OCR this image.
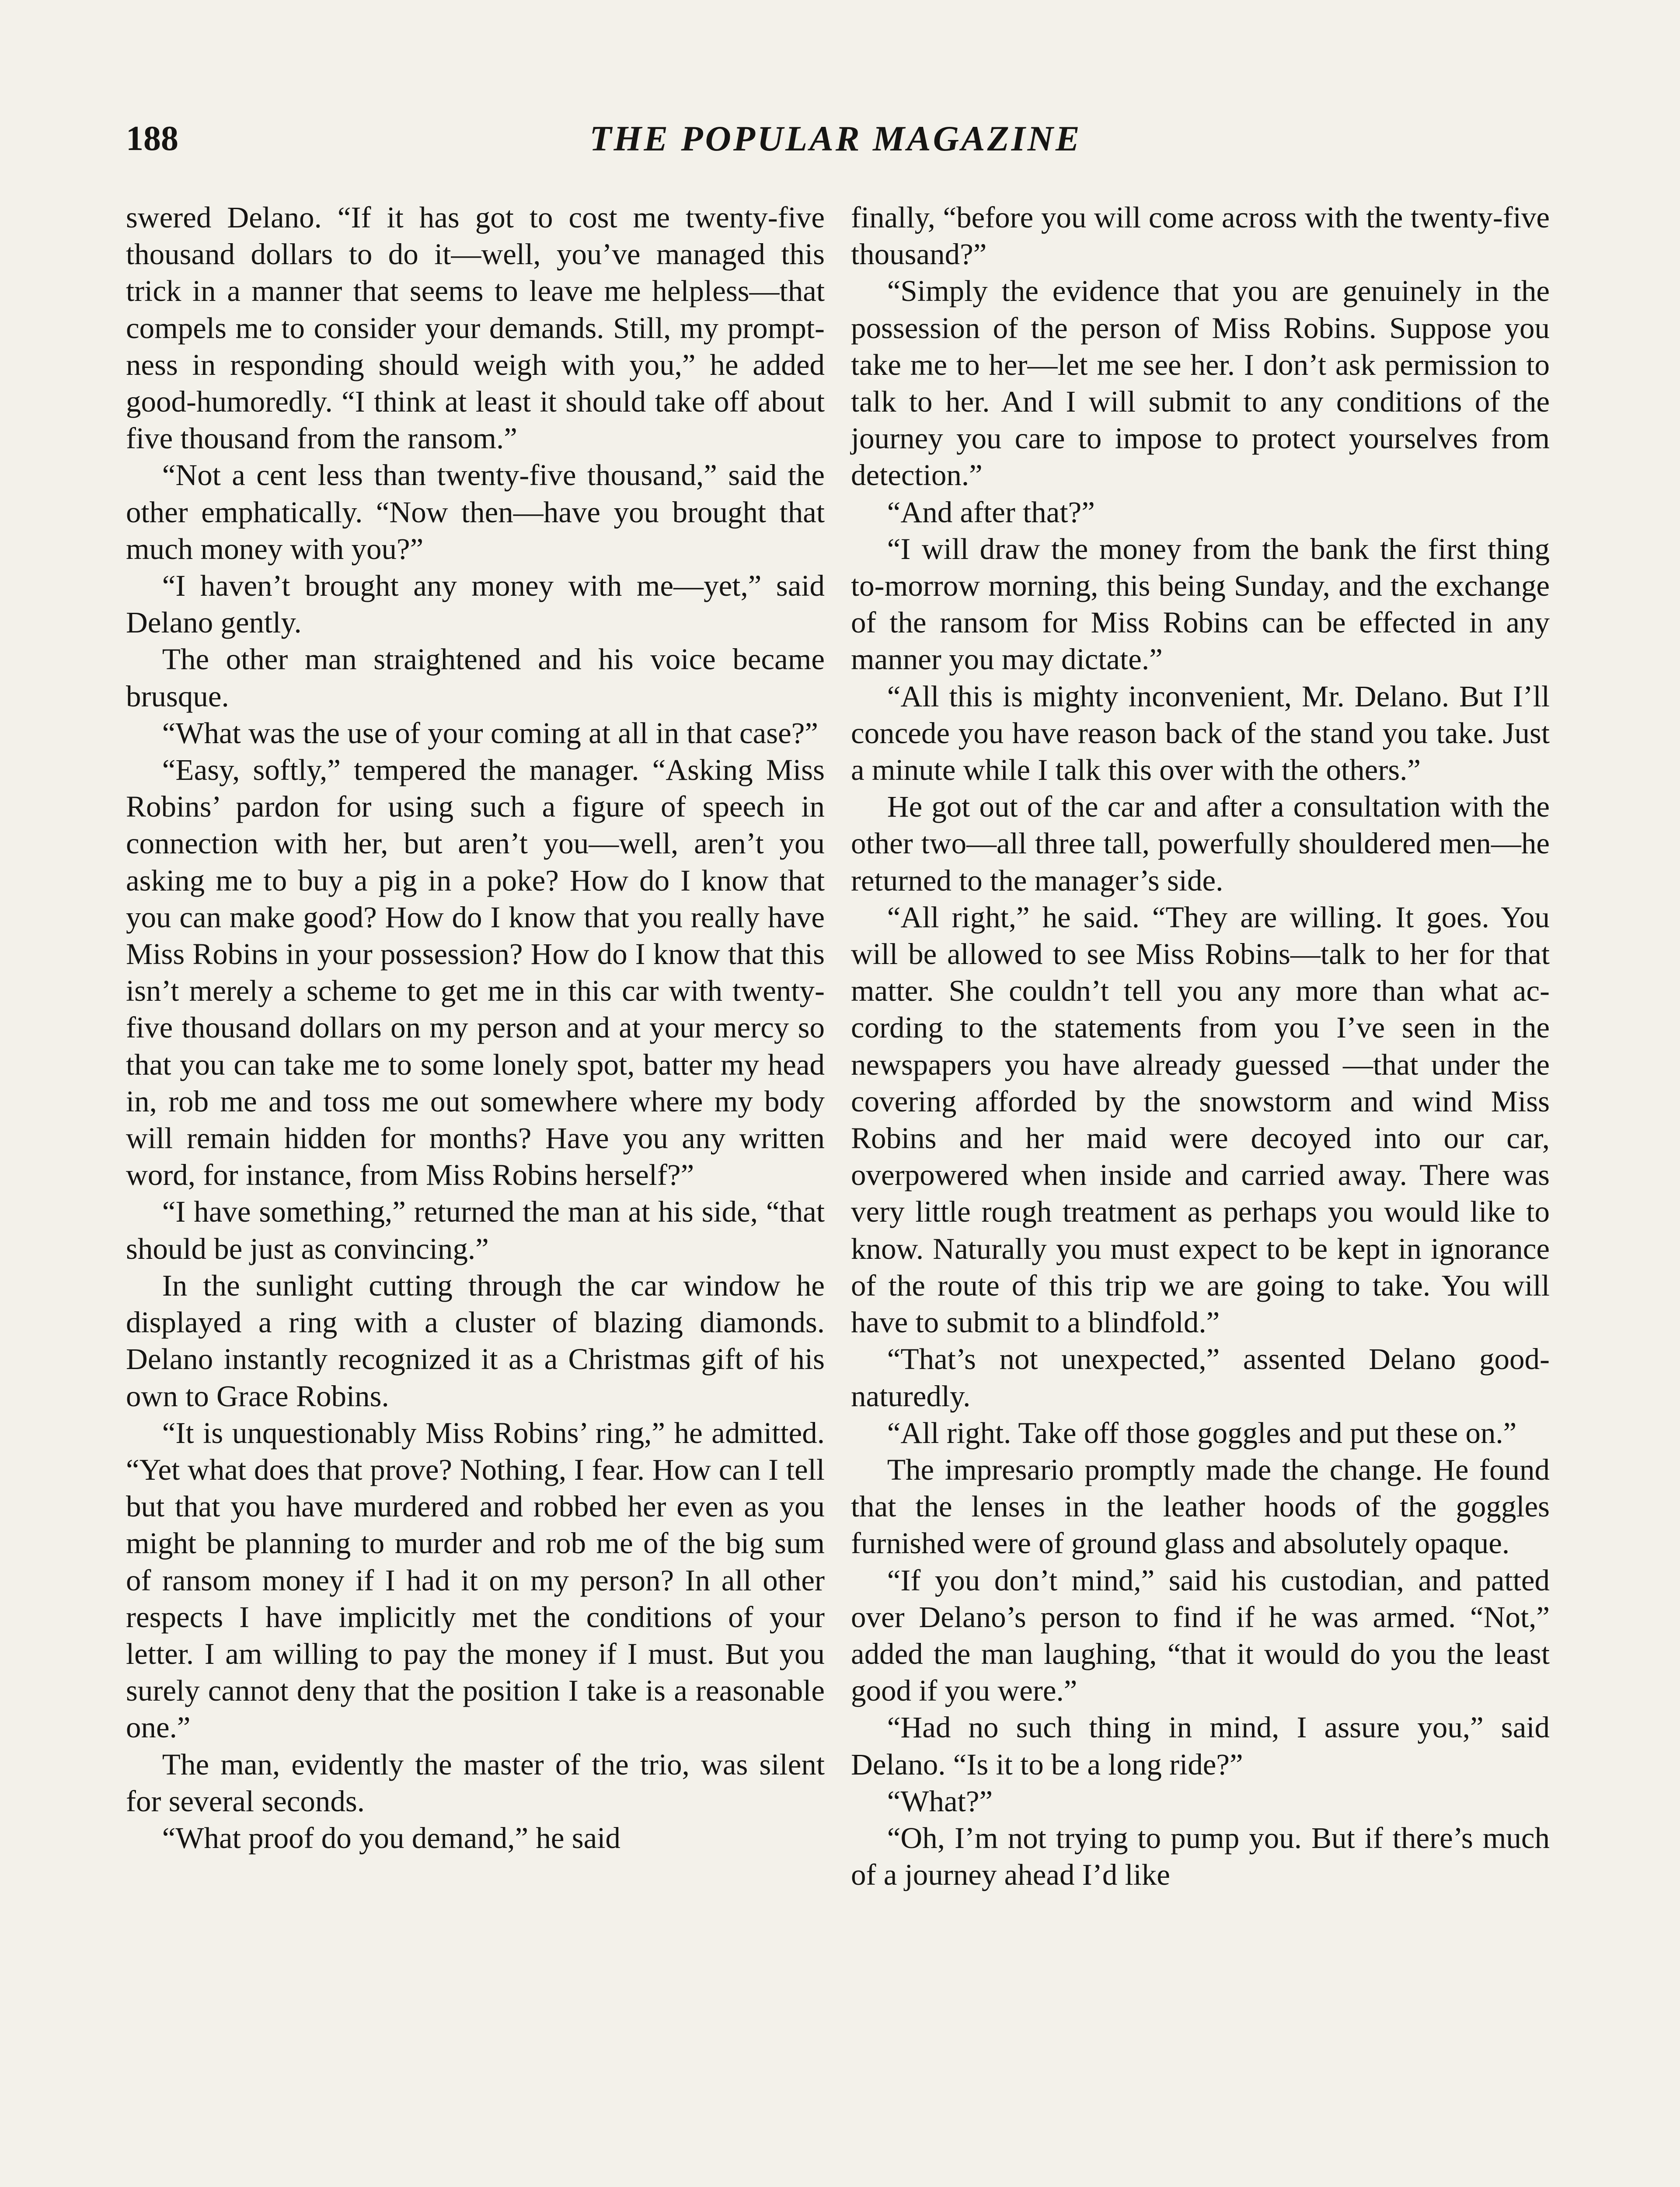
188	THE POPULAR MAGAZINE

swered Delano. “If it has got to cost me twenty-five thousand dollars to do it—well, you’ve managed this trick in a manner that seems to leave me helpless—that compels me to consider your demands. Still, my promptness in responding should weigh with you,” he added good-humoredly. “I think at least it should take off about five thousand from the ransom.”

“Not a cent less than twenty-five thousand,” said the other emphatically. “Now then—have you brought that much money with you?”

“I haven’t brought any money with me—yet,” said Delano gently.

The other man straightened and his voice became brusque.

“What was the use of your coming at all in that case?”

“Easy, softly,” tempered the manager. “Asking Miss Robins’ pardon for using such a figure of speech in connection with her, but aren’t you—well, aren’t you asking me to buy a pig in a poke? How do I know that you can make good? How do I know that you really have Miss Robins in your possession? How do I know that this isn’t merely a scheme to get me in this car with twenty-five thousand dollars on my person and at your mercy so that you can take me to some lonely spot, batter my head in, rob me and toss me out somewhere where my body will remain hidden for months? Have you any written word, for instance, from Miss Robins herself?”

“I have something,” returned the man at his side, “that should be just as convincing.”

In the sunlight cutting through the car window he displayed a ring with a cluster of blazing diamonds. Delano instantly recognized it as a Christmas gift of his own to Grace Robins.

“It is unquestionably Miss Robins’ ring,” he admitted. “Yet what does that prove? Nothing, I fear. How can I tell but that you have murdered and robbed her even as you might be planning to murder and rob me of the big sum of ransom money if I had it on my person? In all other respects I have implicitly met the conditions of your letter. I am willing to pay the money if I must. But you surely cannot deny that the position I take is a reasonable one.”

The man, evidently the master of the trio, was silent for several seconds.

“What proof do you demand,” he said

finally, “before you will come across with the twenty-five thousand?”

“Simply the evidence that you are genuinely in the possession of the person of Miss Robins. Suppose you take me to her—let me see her. I don’t ask permission to talk to her. And I will submit to any conditions of the journey you care to impose to protect yourselves from detection.”

“And after that?”

“I will draw the money from the bank the first thing to-morrow morning, this being Sunday, and the exchange of the ransom for Miss Robins can be effected in any manner you may dictate.”

“All this is mighty inconvenient, Mr. Delano. But I’ll concede you have reason back of the stand you take. Just a minute while I talk this over with the others.”

He got out of the car and after a consultation with the other two—all three tall, powerfully shouldered men—he returned to the manager’s side.

“All right,” he said. “They are willing. It goes. You will be allowed to see Miss Robins—talk to her for that matter. She couldn’t tell you any more than what according to the statements from you I’ve seen in the newspapers you have already guessed —that under the covering afforded by the snowstorm and wind Miss Robins and her maid were decoyed into our car, overpowered when inside and carried away. There was very little rough treatment as perhaps you would like to know. Naturally you must expect to be kept in ignorance of the route of this trip we are going to take. You will have to submit to a blindfold.”

“That’s not unexpected,” assented Delano good-naturedly.

“All right. Take off those goggles and put these on.”

The impresario promptly made the change. He found that the lenses in the leather hoods of the goggles furnished were of ground glass and absolutely opaque.

“If you don’t mind,” said his custodian, and patted over Delano’s person to find if he was armed. “Not,” added the man laughing, “that it would do you the least good if you were.”

“Had no such thing in mind, I assure you,” said Delano. “Is it to be a long ride?”

“What?”

“Oh, I’m not trying to pump you. But if there’s much of a journey ahead I’d like
